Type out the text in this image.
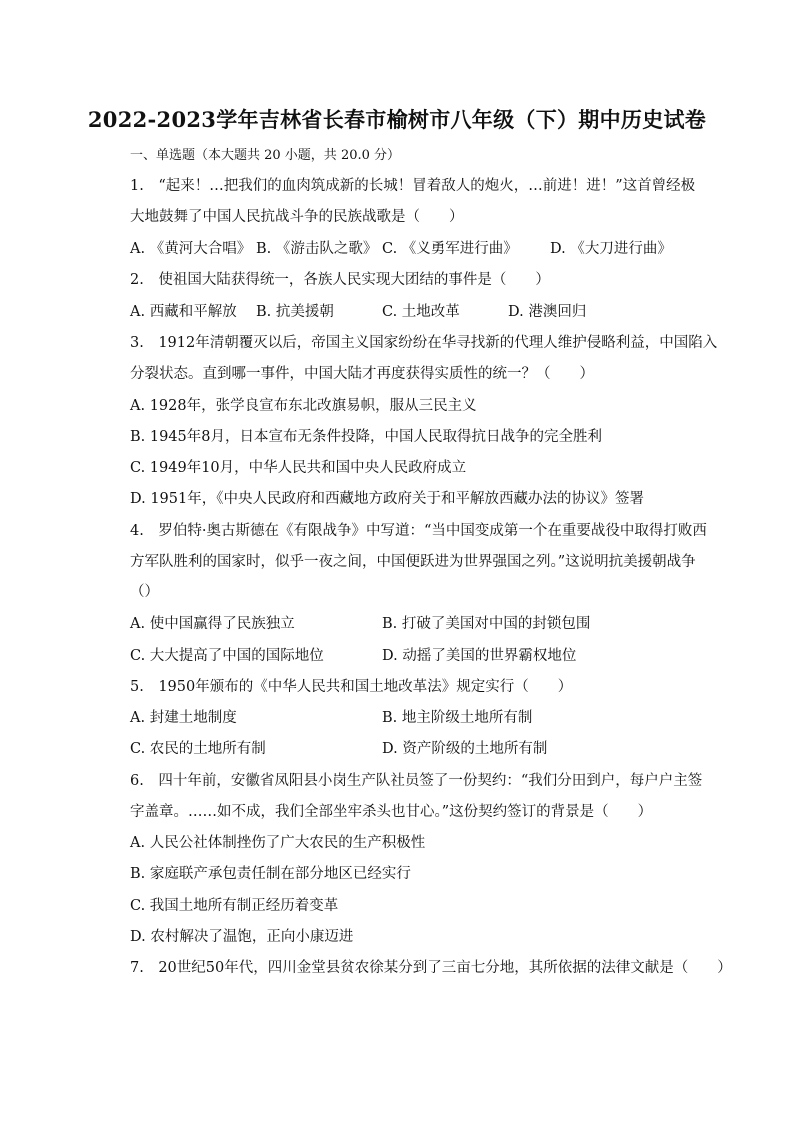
2022-2023学年吉林省长春市榆树市八年级（下）期中历史试卷
一、单选题（本大题共 20 小题，共 20.0 分）
1.　“起来！…把我们的血肉筑成新的长城！冒着敌人的炮火，…前进！进！”这首曾经极
大地鼓舞了中国人民抗战斗争的民族战歌是（　　）
A. 《黄河大合唱》 B. 《游击队之歌》 C. 《义勇军进行曲》 D. 《大刀进行曲》
2.　使祖国大陆获得统一，各族人民实现大团结的事件是（　　）
A. 西藏和平解放 B. 抗美援朝	C. 土地改革	D. 港澳回归
3.　1912年清朝覆灭以后，帝国主义国家纷纷在华寻找新的代理人维护侵略利益，中国陷入
分裂状态。直到哪一事件，中国大陆才再度获得实质性的统一？（　　）
A. 1928年，张学良宣布东北改旗易帜，服从三民主义
B. 1945年8月，日本宣布无条件投降，中国人民取得抗日战争的完全胜利
C. 1949年10月，中华人民共和国中央人民政府成立
D. 1951年，《中央人民政府和西藏地方政府关于和平解放西藏办法的协议》签署
4.　罗伯特·奥古斯德在《有限战争》中写道：“当中国变成第一个在重要战役中取得打败西
方军队胜利的国家时，似乎一夜之间，中国便跃进为世界强国之列。”这说明抗美援朝战争
（）
A. 使中国赢得了民族独立	B. 打破了美国对中国的封锁包围
C. 大大提高了中国的国际地位	D. 动摇了美国的世界霸权地位
5.　1950年颁布的《中华人民共和国土地改革法》规定实行（　　）
A. 封建土地制度	B. 地主阶级土地所有制
C. 农民的土地所有制	D. 资产阶级的土地所有制
6.　四十年前，安徽省凤阳县小岗生产队社员签了一份契约：“我们分田到户，每户户主签
字盖章。……如不成，我们全部坐牢杀头也甘心。”这份契约签订的背景是（　　）
A. 人民公社体制挫伤了广大农民的生产积极性
B. 家庭联产承包责任制在部分地区已经实行
C. 我国土地所有制正经历着变革
D. 农村解决了温饱，正向小康迈进
7.　20世纪50年代，四川金堂县贫农徐某分到了三亩七分地，其所依据的法律文献是（　　）
